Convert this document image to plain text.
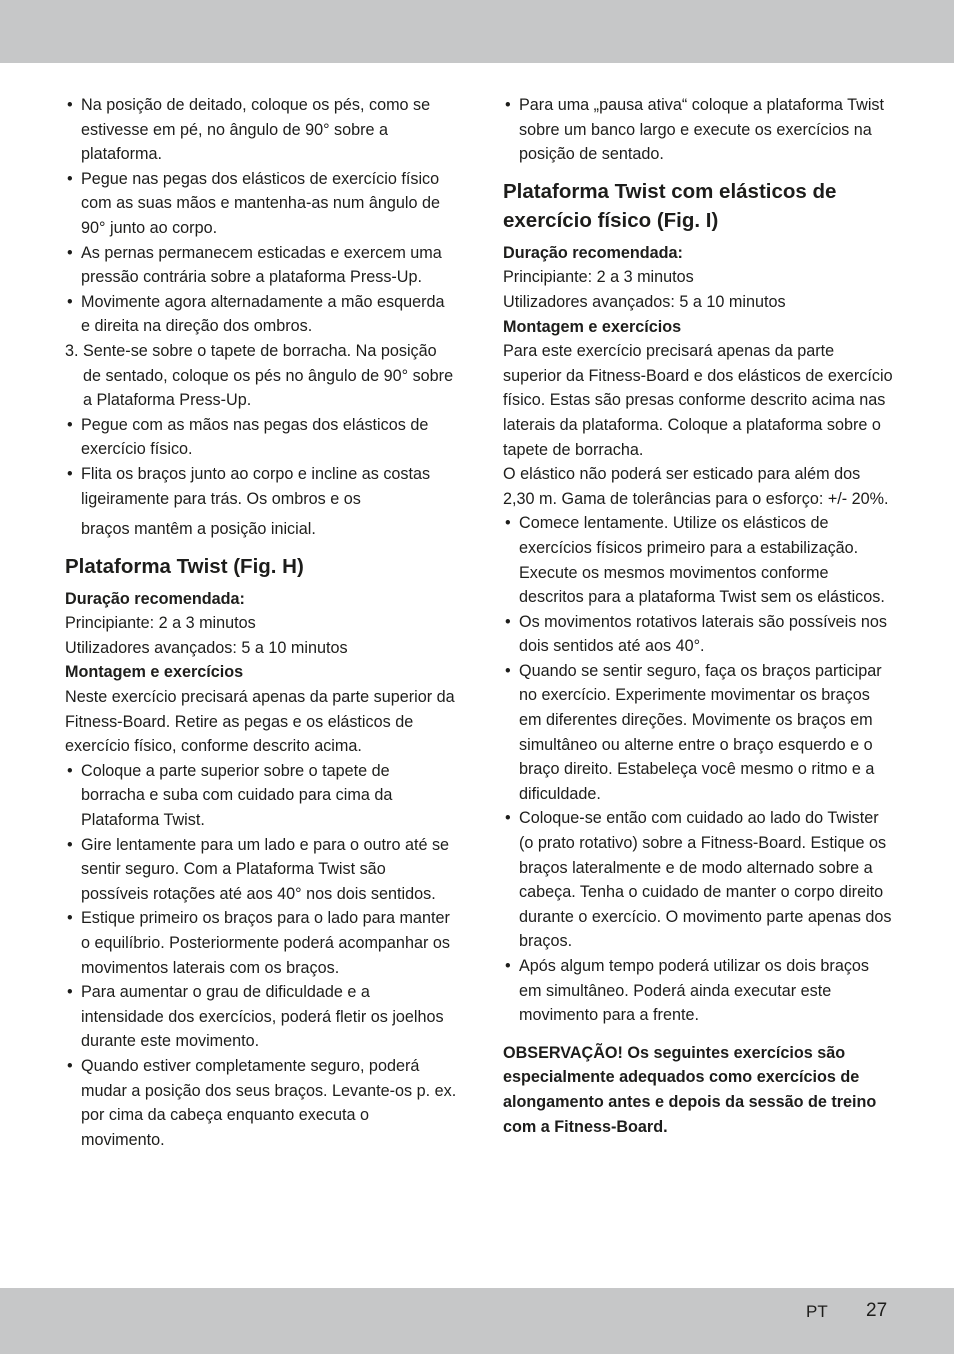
• Na posição de deitado, coloque os pés, como se estivesse em pé, no ângulo de 90° sobre a plataforma.

• Pegue nas pegas dos elásticos de exercício físico com as suas mãos e mantenha-as num ângulo de 90° junto ao corpo.

• As pernas permanecem esticadas e exercem uma pressão contrária sobre a plataforma Press-Up.

• Movimente agora alternadamente a mão esquerda e direita na direção dos ombros.

3. Sente-se sobre o tapete de borracha. Na posição de sentado, coloque os pés no ângulo de 90° sobre a Plataforma Press-Up.

• Pegue com as mãos nas pegas dos elásticos de exercício físico.

• Flita os braços junto ao corpo e incline as costas ligeiramente para trás. Os ombros e os

braços mantêm a posição inicial.

Plataforma Twist (Fig. H)
Duração recomendada:

Principiante: 2 a 3 minutos

Utilizadores avançados: 5 a 10 minutos

Montagem e exercícios

Neste exercício precisará apenas da parte superior da Fitness-Board. Retire as pegas e os elásticos de exercício físico, conforme descrito acima.

• Coloque a parte superior sobre o tapete de borracha e suba com cuidado para cima da Plataforma Twist.

• Gire lentamente para um lado e para o outro até se sentir seguro. Com a Plataforma Twist são possíveis rotações até aos 40° nos dois sentidos.

• Estique primeiro os braços para o lado para manter o equilíbrio. Posteriormente poderá acompanhar os movimentos laterais com os braços.

• Para aumentar o grau de dificuldade e a intensidade dos exercícios, poderá fletir os joelhos durante este movimento.

• Quando estiver completamente seguro, poderá mudar a posição dos seus braços. Levante-os p. ex. por cima da cabeça enquanto executa o movimento.

• Para uma „pausa ativa“ coloque a plataforma Twist sobre um banco largo e execute os exercícios na posição de sentado.

Plataforma Twist com elásticos de exercício físico (Fig. I)
Duração recomendada:

Principiante: 2 a 3 minutos

Utilizadores avançados: 5 a 10 minutos

Montagem e exercícios

Para este exercício precisará apenas da parte superior da Fitness-Board e dos elásticos de exercício físico. Estas são presas conforme descrito acima nas laterais da plataforma. Coloque a plataforma sobre o tapete de borracha.

O elástico não poderá ser esticado para além dos 2,30 m. Gama de tolerâncias para o esforço: +/- 20%.

• Comece lentamente. Utilize os elásticos de exercícios físicos primeiro para a estabilização. Execute os mesmos movimentos conforme descritos para a plataforma Twist sem os elásticos.

• Os movimentos rotativos laterais são possíveis nos dois sentidos até aos 40°.

• Quando se sentir seguro, faça os braços participar no exercício. Experimente movimentar os braços em diferentes direções. Movimente os braços em simultâneo ou alterne entre o braço esquerdo e o braço direito. Estabeleça você mesmo o ritmo e a dificuldade.

• Coloque-se então com cuidado ao lado do Twister (o prato rotativo) sobre a Fitness-Board. Estique os braços lateralmente e de modo alternado sobre a cabeça. Tenha o cuidado de manter o corpo direito durante o exercício. O movimento parte apenas dos braços.

• Após algum tempo poderá utilizar os dois braços em simultâneo. Poderá ainda executar este movimento para a frente.

OBSERVAÇÃO! Os seguintes exercícios são especialmente adequados como exercícios de alongamento antes e depois da sessão de treino com a Fitness-Board.

PT 27
